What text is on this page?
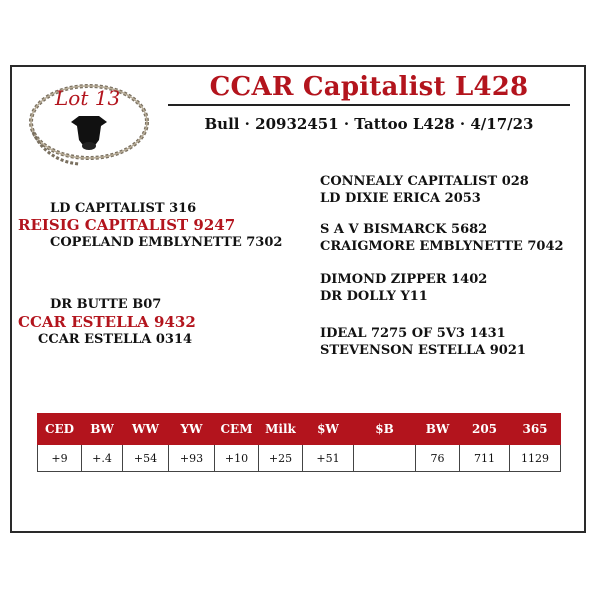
Lot 13	CCAR Capitalist L428
Bull · 20932451 · Tattoo L428 · 4/17/23
LD CAPITALIST 316
REISIG CAPITALIST 9247
COPELAND EMBLYNETTE 7302
DR BUTTE B07
CCAR ESTELLA 9432
CCAR ESTELLA 0314
CONNEALY CAPITALIST 028
LD DIXIE ERICA 2053
S A V BISMARCK 5682
CRAIGMORE EMBLYNETTE 7042
DIMOND ZIPPER 1402
DR DOLLY Y11
IDEAL 7275 OF 5V3 1431
STEVENSON ESTELLA 9021
CED	BW	WW	YW	CEM	Milk	$W	$B	BW	205	365
+9	+.4	+54	+93	+10	+25	+51		76	711	1129
